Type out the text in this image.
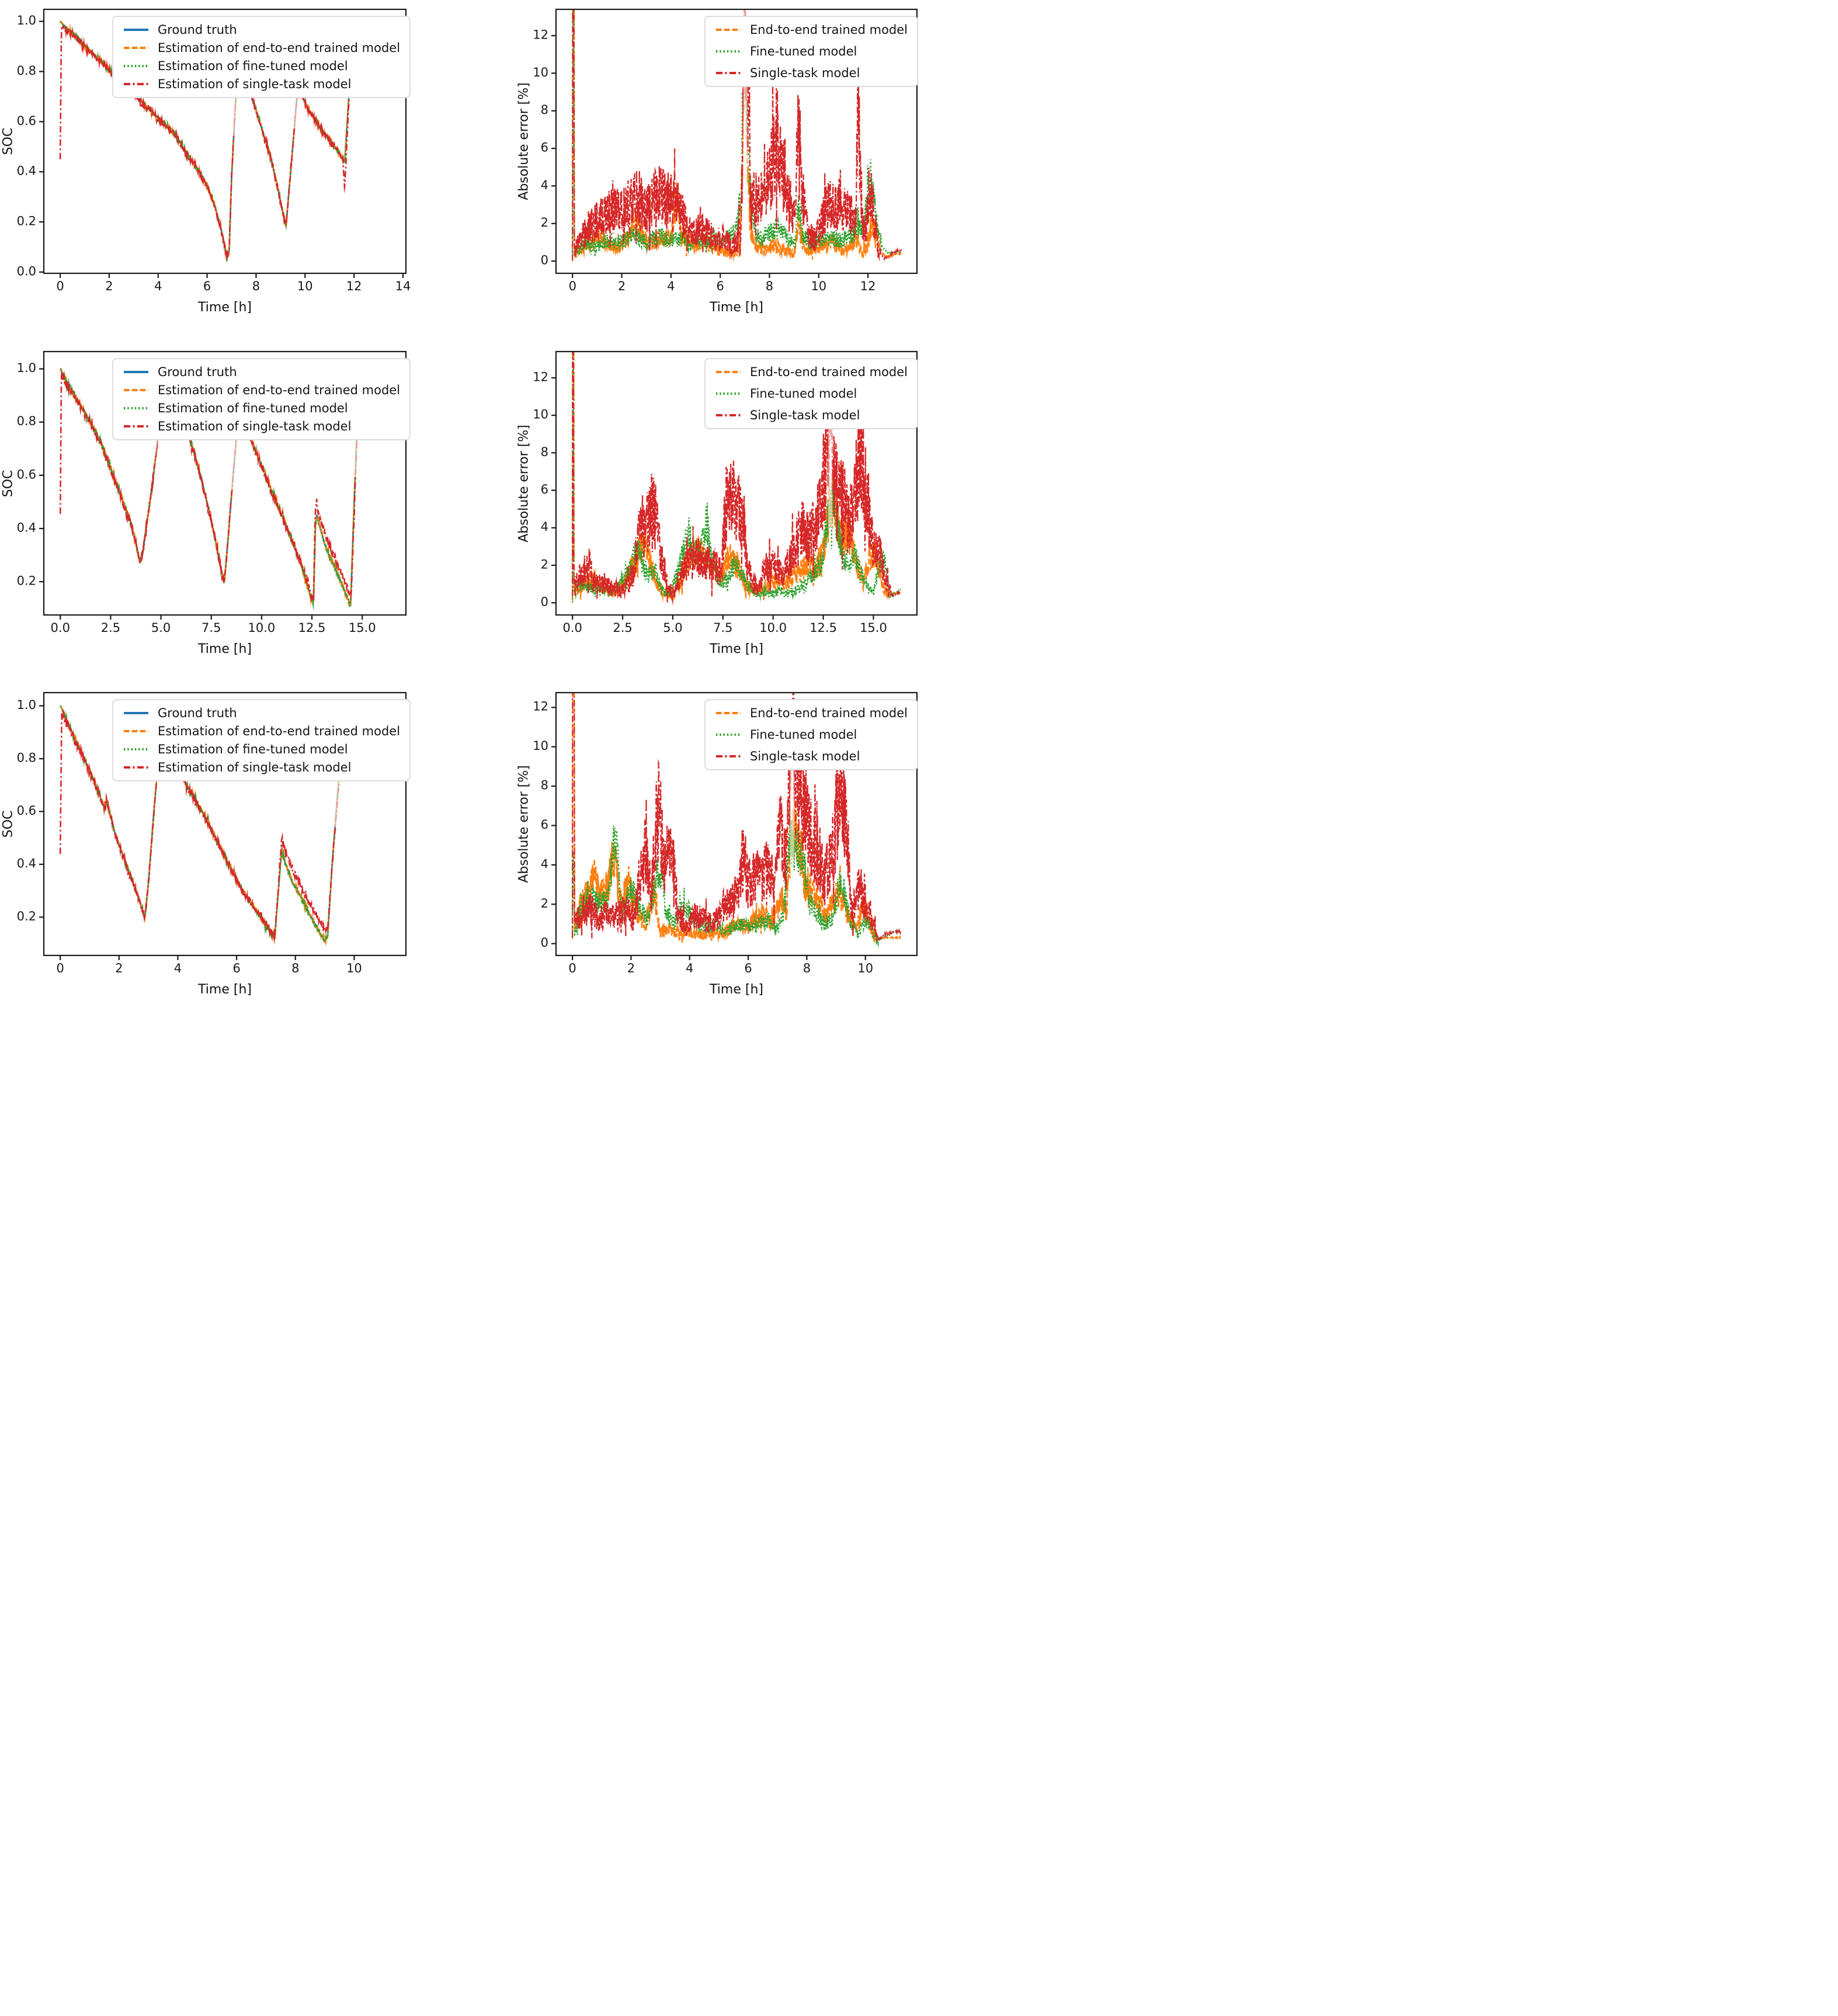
SOC
Time [h]
Ground truth
Estimation of end-to-end trained model
Estimation of fine-tuned model
Estimation of single-task model	Absolute error [%]
Time [h]
End-to-end trained model
Fine-tuned model
Single-task model
SOC
Time [h]
Ground truth
Estimation of end-to-end trained model
Estimation of fine-tuned model
Estimation of single-task model	Absolute error [%]
Time [h]
End-to-end trained model
Fine-tuned model
Single-task model
SOC
Time [h]
Ground truth
Estimation of end-to-end trained model
Estimation of fine-tuned model
Estimation of single-task model	Absolute error [%]
Time [h]
End-to-end trained model
Fine-tuned model
Single-task model
